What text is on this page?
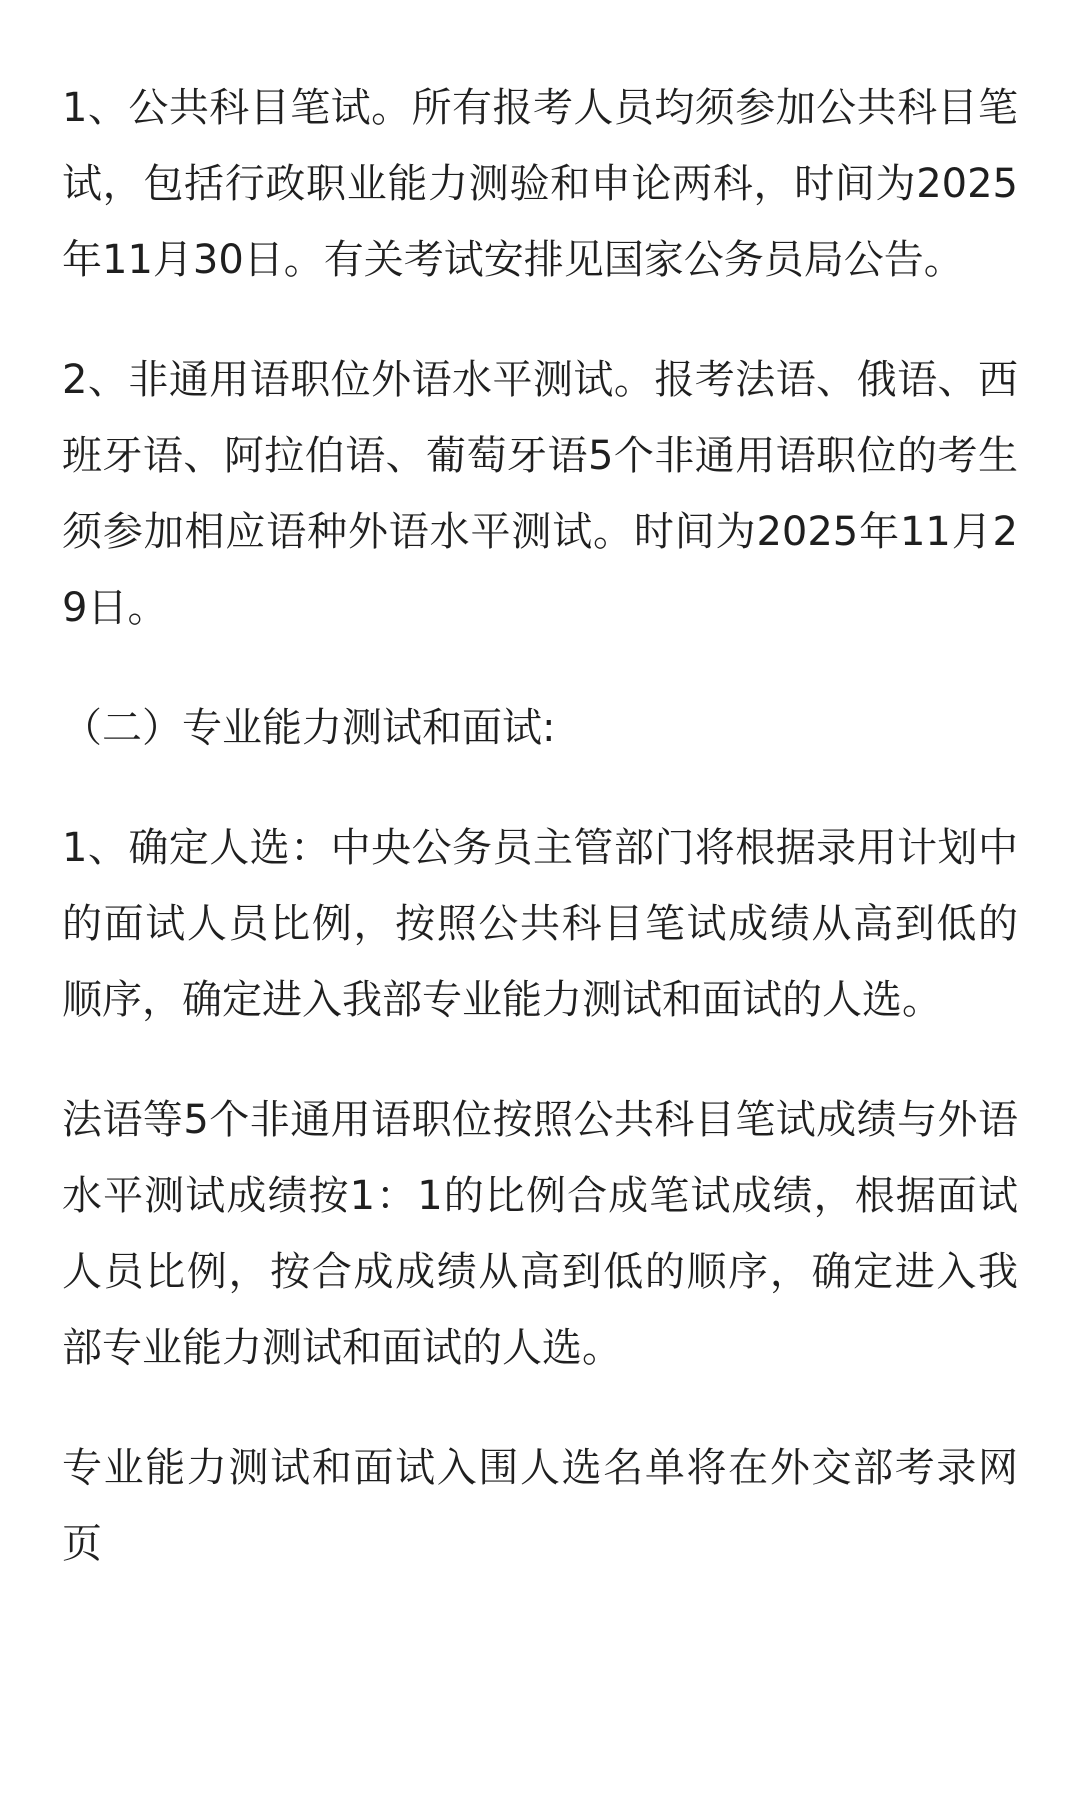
1、公共科目笔试。所有报考人员均须参加公共科目笔试，包括行政职业能力测验和申论两科，时间为2025年11月30日。有关考试安排见国家公务员局公告。

2、非通用语职位外语水平测试。报考法语、俄语、西班牙语、阿拉伯语、葡萄牙语5个非通用语职位的考生须参加相应语种外语水平测试。时间为2025年11月29日。

（二）专业能力测试和面试:

1、确定人选：中央公务员主管部门将根据录用计划中的面试人员比例，按照公共科目笔试成绩从高到低的顺序，确定进入我部专业能力测试和面试的人选。

法语等5个非通用语职位按照公共科目笔试成绩与外语水平测试成绩按1：1的比例合成笔试成绩，根据面试人员比例，按合成成绩从高到低的顺序，确定进入我部专业能力测试和面试的人选。

专业能力测试和面试入围人选名单将在外交部考录网页
